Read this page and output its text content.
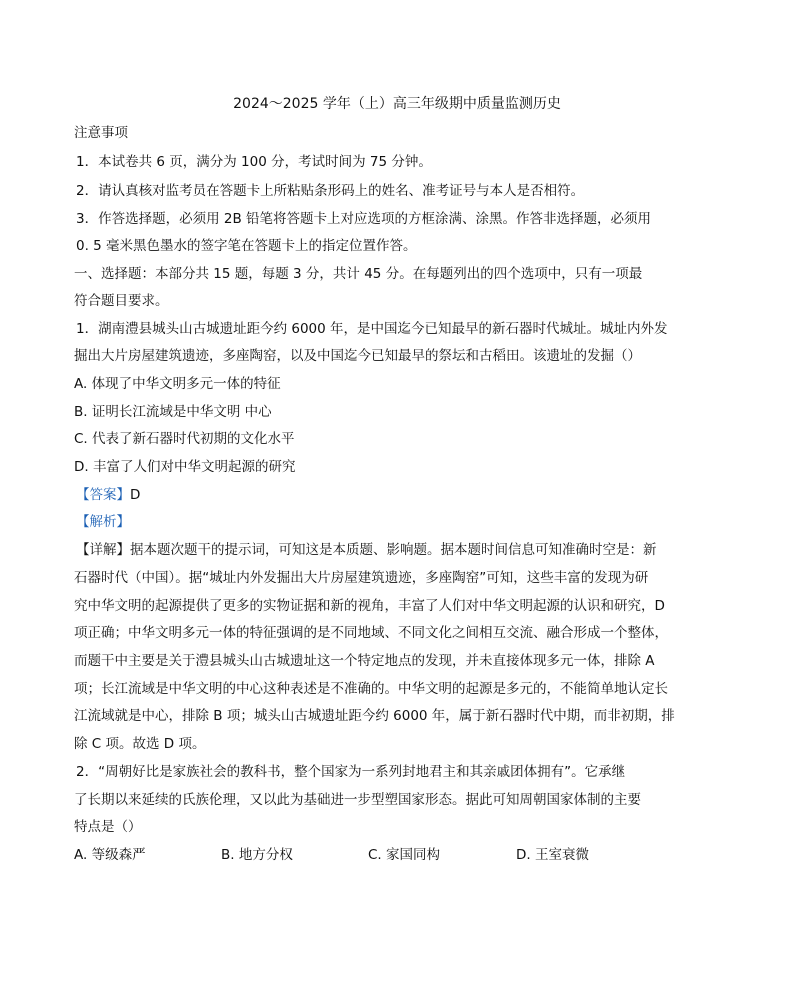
2024～2025 学年（上）高三年级期中质量监测历史
注意事项
1．本试卷共 6 页，满分为 100 分，考试时间为 75 分钟。
2．请认真核对监考员在答题卡上所粘贴条形码上的姓名、准考证号与本人是否相符。
3．作答选择题，必须用 2B 铅笔将答题卡上对应选项的方框涂满、涂黑。作答非选择题，必须用
0. 5 毫米黑色墨水的签字笔在答题卡上的指定位置作答。
一、选择题：本部分共 15 题，每题 3 分，共计 45 分。在每题列出的四个选项中，只有一项最
符合题目要求。
1．湖南澧县城头山古城遗址距今约 6000 年，是中国迄今已知最早的新石器时代城址。城址内外发
掘出大片房屋建筑遗迹，多座陶窑，以及中国迄今已知最早的祭坛和古稻田。该遗址的发掘（）
A. 体现了中华文明多元一体的特征
B. 证明长江流域是中华文明 中心
C. 代表了新石器时代初期的文化水平
D. 丰富了人们对中华文明起源的研究
【答案】D
【解析】
【详解】据本题次题干的提示词，可知这是本质题、影响题。据本题时间信息可知准确时空是：新
石器时代（中国）。据“城址内外发掘出大片房屋建筑遗迹，多座陶窑”可知，这些丰富的发现为研
究中华文明的起源提供了更多的实物证据和新的视角，丰富了人们对中华文明起源的认识和研究，D
项正确；中华文明多元一体的特征强调的是不同地域、不同文化之间相互交流、融合形成一个整体，
而题干中主要是关于澧县城头山古城遗址这一个特定地点的发现，并未直接体现多元一体，排除 A
项；长江流域是中华文明的中心这种表述是不准确的。中华文明的起源是多元的，不能简单地认定长
江流域就是中心，排除 B 项；城头山古城遗址距今约 6000 年，属于新石器时代中期，而非初期，排
除 C 项。故选 D 项。
2．“周朝好比是家族社会的教科书，整个国家为一系列封地君主和其亲戚团体拥有”。它承继
了长期以来延续的氏族伦理，又以此为基础进一步型塑国家形态。据此可知周朝国家体制的主要
特点是（）
A. 等级森严	B. 地方分权	C. 家国同构	D. 王室衰微
